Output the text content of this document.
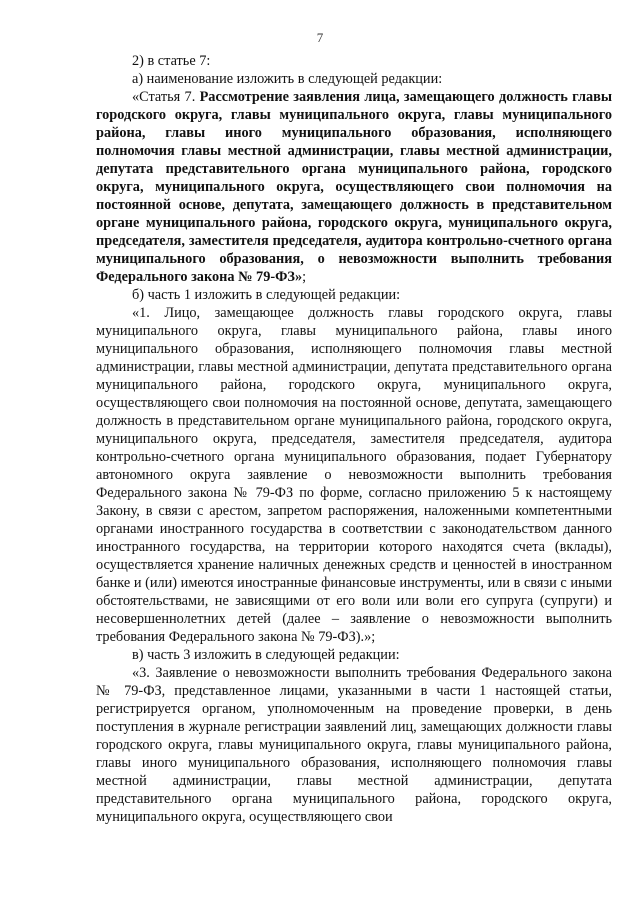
7

2) в статье 7:

а) наименование изложить в следующей редакции:

«Статья 7. Рассмотрение заявления лица, замещающего должность главы городского округа, главы муниципального округа, главы муниципального района, главы иного муниципального образования, исполняющего полномочия главы местной администрации, главы местной администрации, депутата представительного органа муниципального района, городского округа, муниципального округа, осуществляющего свои полномочия на постоянной основе, депутата, замещающего должность в представительном органе муниципального района, городского округа, муниципального округа, председателя, заместителя председателя, аудитора контрольно-счетного органа муниципального образования, о невозможности выполнить требования Федерального закона № 79-ФЗ»;

б) часть 1 изложить в следующей редакции:

«1. Лицо, замещающее должность главы городского округа, главы муниципального округа, главы муниципального района, главы иного муниципального образования, исполняющего полномочия главы местной администрации, главы местной администрации, депутата представительного органа муниципального района, городского округа, муниципального округа, осуществляющего свои полномочия на постоянной основе, депутата, замещающего должность в представительном органе муниципального района, городского округа, муниципального округа, председателя, заместителя председателя, аудитора контрольно-счетного органа муниципального образования, подает Губернатору автономного округа заявление о невозможности выполнить требования Федерального закона № 79-ФЗ по форме, согласно приложению 5 к настоящему Закону, в связи с арестом, запретом распоряжения, наложенными компетентными органами иностранного государства в соответствии с законодательством данного иностранного государства, на территории которого находятся счета (вклады), осуществляется хранение наличных денежных средств и ценностей в иностранном банке и (или) имеются иностранные финансовые инструменты, или в связи с иными обстоятельствами, не зависящими от его воли или воли его супруга (супруги) и несовершеннолетних детей (далее – заявление о невозможности выполнить требования Федерального закона № 79-ФЗ).»;

в) часть 3 изложить в следующей редакции:

«3. Заявление о невозможности выполнить требования Федерального закона № 79-ФЗ, представленное лицами, указанными в части 1 настоящей статьи, регистрируется органом, уполномоченным на проведение проверки, в день поступления в журнале регистрации заявлений лиц, замещающих должности главы городского округа, главы муниципального округа, главы муниципального района, главы иного муниципального образования, исполняющего полномочия главы местной администрации, главы местной администрации, депутата представительного органа муниципального района, городского округа, муниципального округа, осуществляющего свои
